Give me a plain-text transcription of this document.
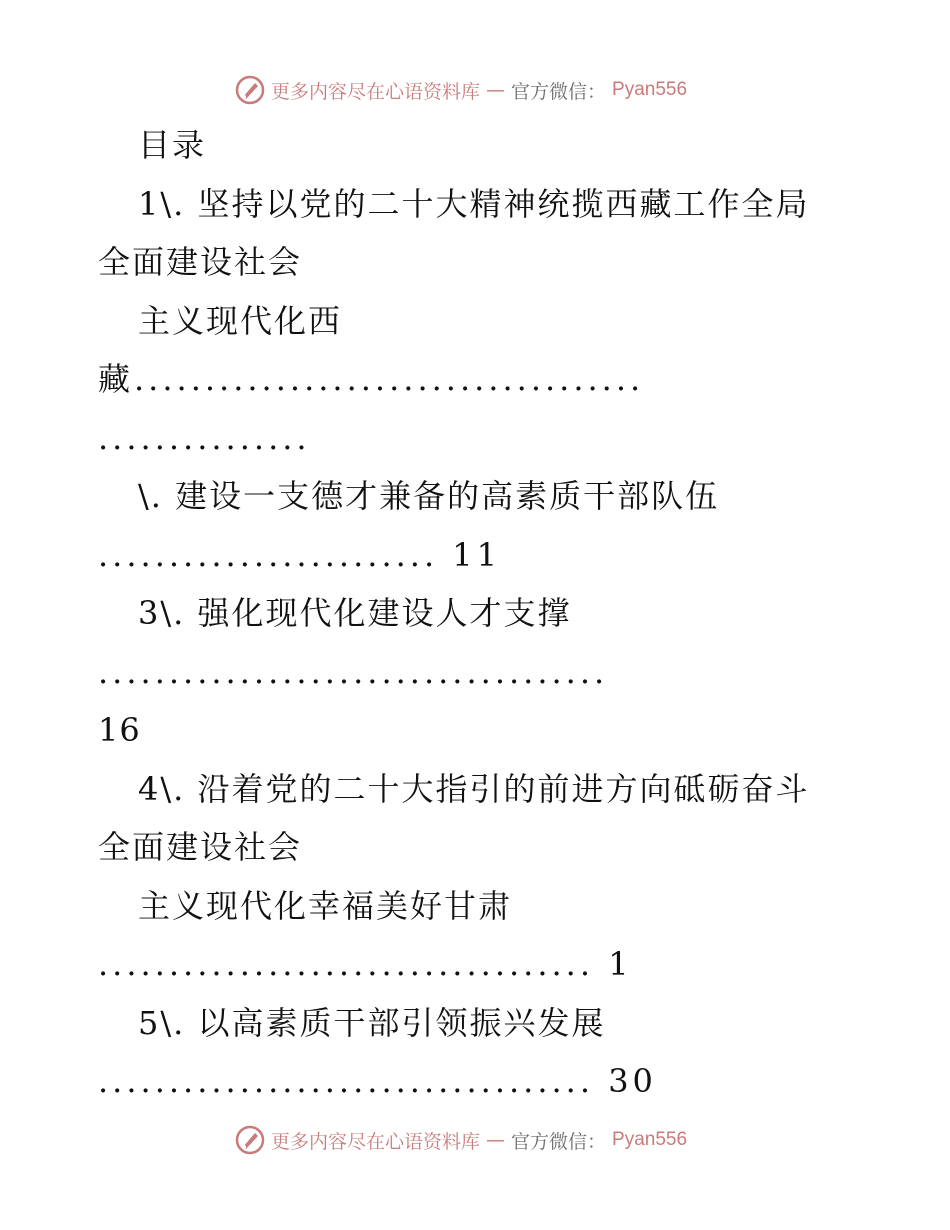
更多内容尽在心语资料库 — 官方微信： Pyan556
目录
1\. 坚持以党的二十大精神统揽西藏工作全局
全面建设社会
主义现代化西
藏....................................
...............
\. 建设一支德才兼备的高素质干部队伍
........................ 11
3\. 强化现代化建设人才支撑
....................................
16
4\. 沿着党的二十大指引的前进方向砥砺奋斗
全面建设社会
主义现代化幸福美好甘肃
................................... 1
5\. 以高素质干部引领振兴发展
................................... 30
更多内容尽在心语资料库 — 官方微信： Pyan556
